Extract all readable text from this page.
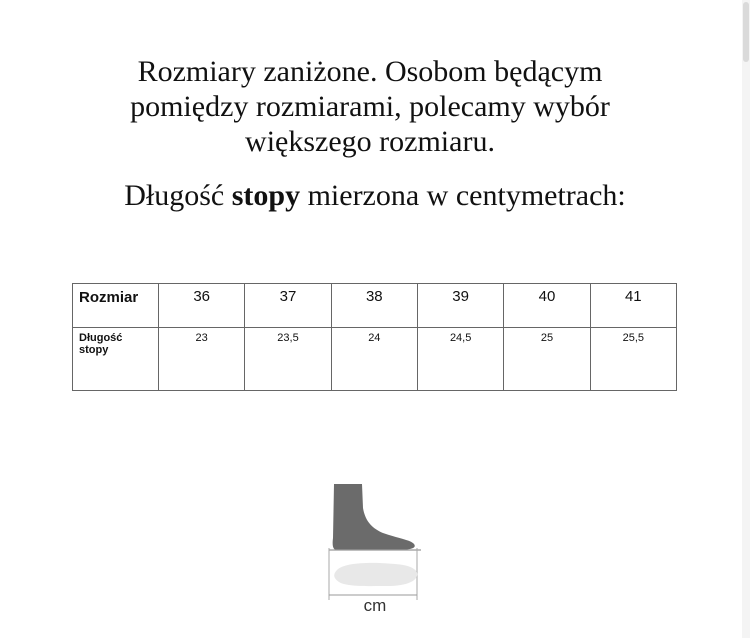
Rozmiary zaniżone. Osobom będącym
pomiędzy rozmiarami, polecamy wybór
większego rozmiaru.
Długość stopy mierzona w centymetrach:
Rozmiar	36	37	38	39	40	41
Długość
stopy	23	23,5	24	24,5	25	25,5
cm
